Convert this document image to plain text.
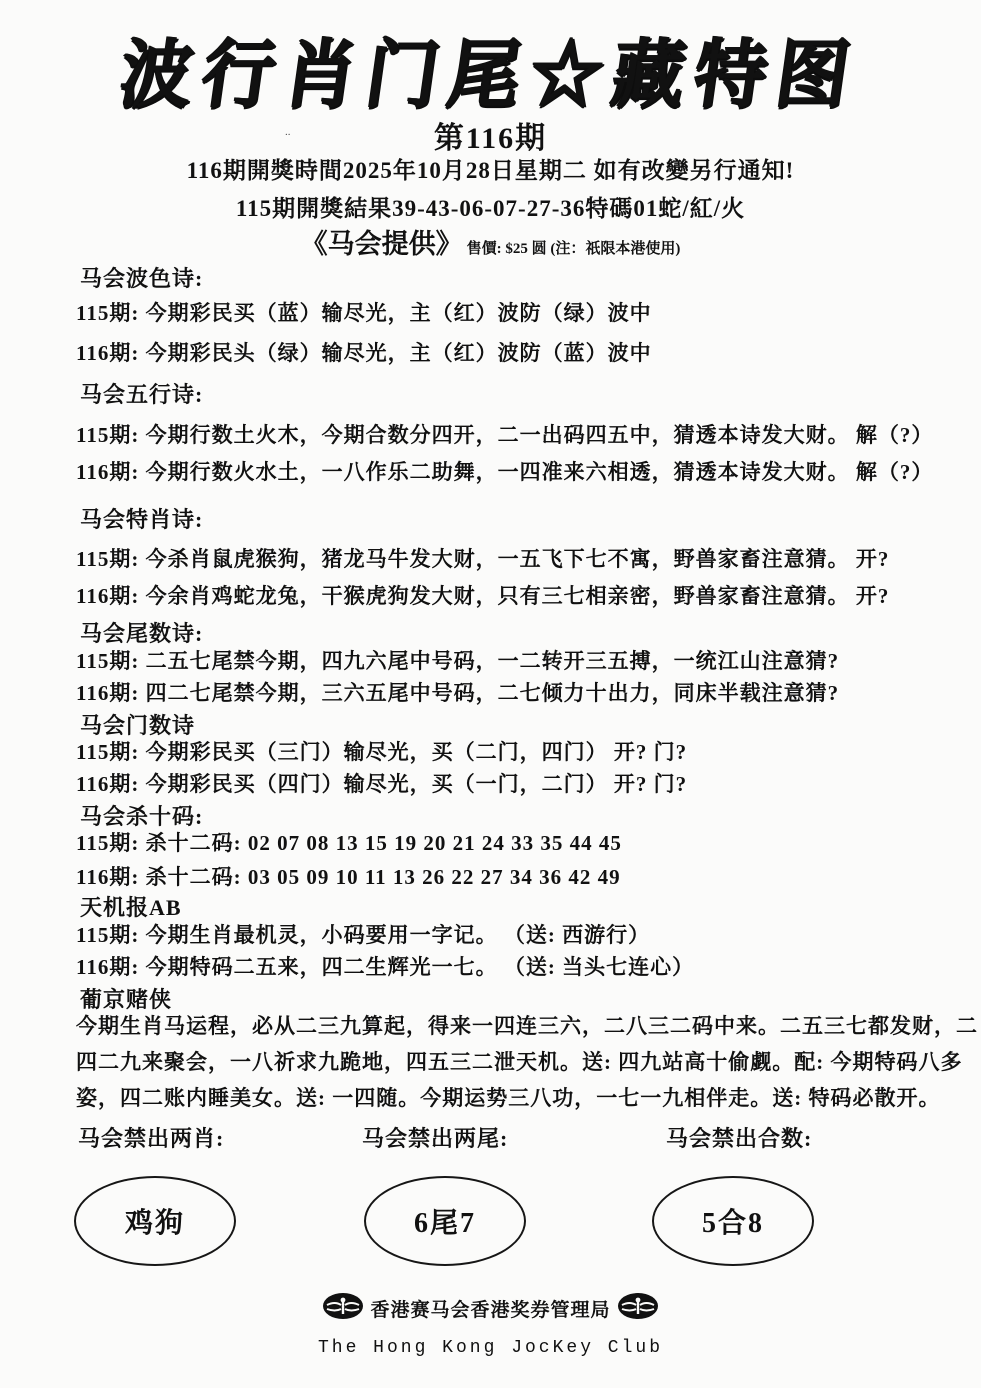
波行肖门尾☆藏特图
..	第116期
116期開獎時間2025年10月28日星期二 如有改變另行通知!
115期開獎結果39-43-06-07-27-36特碼01蛇/紅/火
《马会提供》 售價: $25 圆 (注：祇限本港使用)
马会波色诗:
115期: 今期彩民买（蓝）输尽光，主（红）波防（绿）波中
116期: 今期彩民头（绿）输尽光，主（红）波防（蓝）波中
马会五行诗:
115期: 今期行数土火木，今期合数分四开，二一出码四五中，猜透本诗发大财。 解（?）
116期: 今期行数火水土，一八作乐二助舞，一四准来六相透，猜透本诗发大财。 解（?）
马会特肖诗:
115期: 今杀肖鼠虎猴狗，猪龙马牛发大财，一五飞下七不寓，野兽家畜注意猜。 开?
116期: 今余肖鸡蛇龙兔，干猴虎狗发大财，只有三七相亲密，野兽家畜注意猜。 开?
马会尾数诗:
115期: 二五七尾禁今期，四九六尾中号码，一二转开三五搏，一统江山注意猜?
116期: 四二七尾禁今期，三六五尾中号码，二七倾力十出力，同床半载注意猜?
马会门数诗
115期: 今期彩民买（三门）输尽光，买（二门，四门） 开? 门?
116期: 今期彩民买（四门）输尽光，买（一门，二门） 开? 门?
马会杀十码:
115期: 杀十二码: 02 07 08 13 15 19 20 21 24 33 35 44 45
116期: 杀十二码: 03 05 09 10 11 13 26 22 27 34 36 42 49
天机报AB
115期: 今期生肖最机灵，小码要用一字记。 （送: 西游行）
116期: 今期特码二五来，四二生辉光一七。 （送: 当头七连心）
葡京赌侠
今期生肖马运程，必从二三九算起，得来一四连三六，二八三二码中来。二五三七都发财，二
四二九来聚会，一八祈求九跪地，四五三二泄天机。送: 四九站高十偷觑。配: 今期特码八多
姿，四二账内睡美女。送: 一四随。今期运势三八功，一七一九相伴走。送: 特码必散开。
马会禁出两肖:	马会禁出两尾:	马会禁出合数:
鸡狗	6尾7	5合8
香港赛马会香港奖券管理局
The Hong Kong JocKey Club
